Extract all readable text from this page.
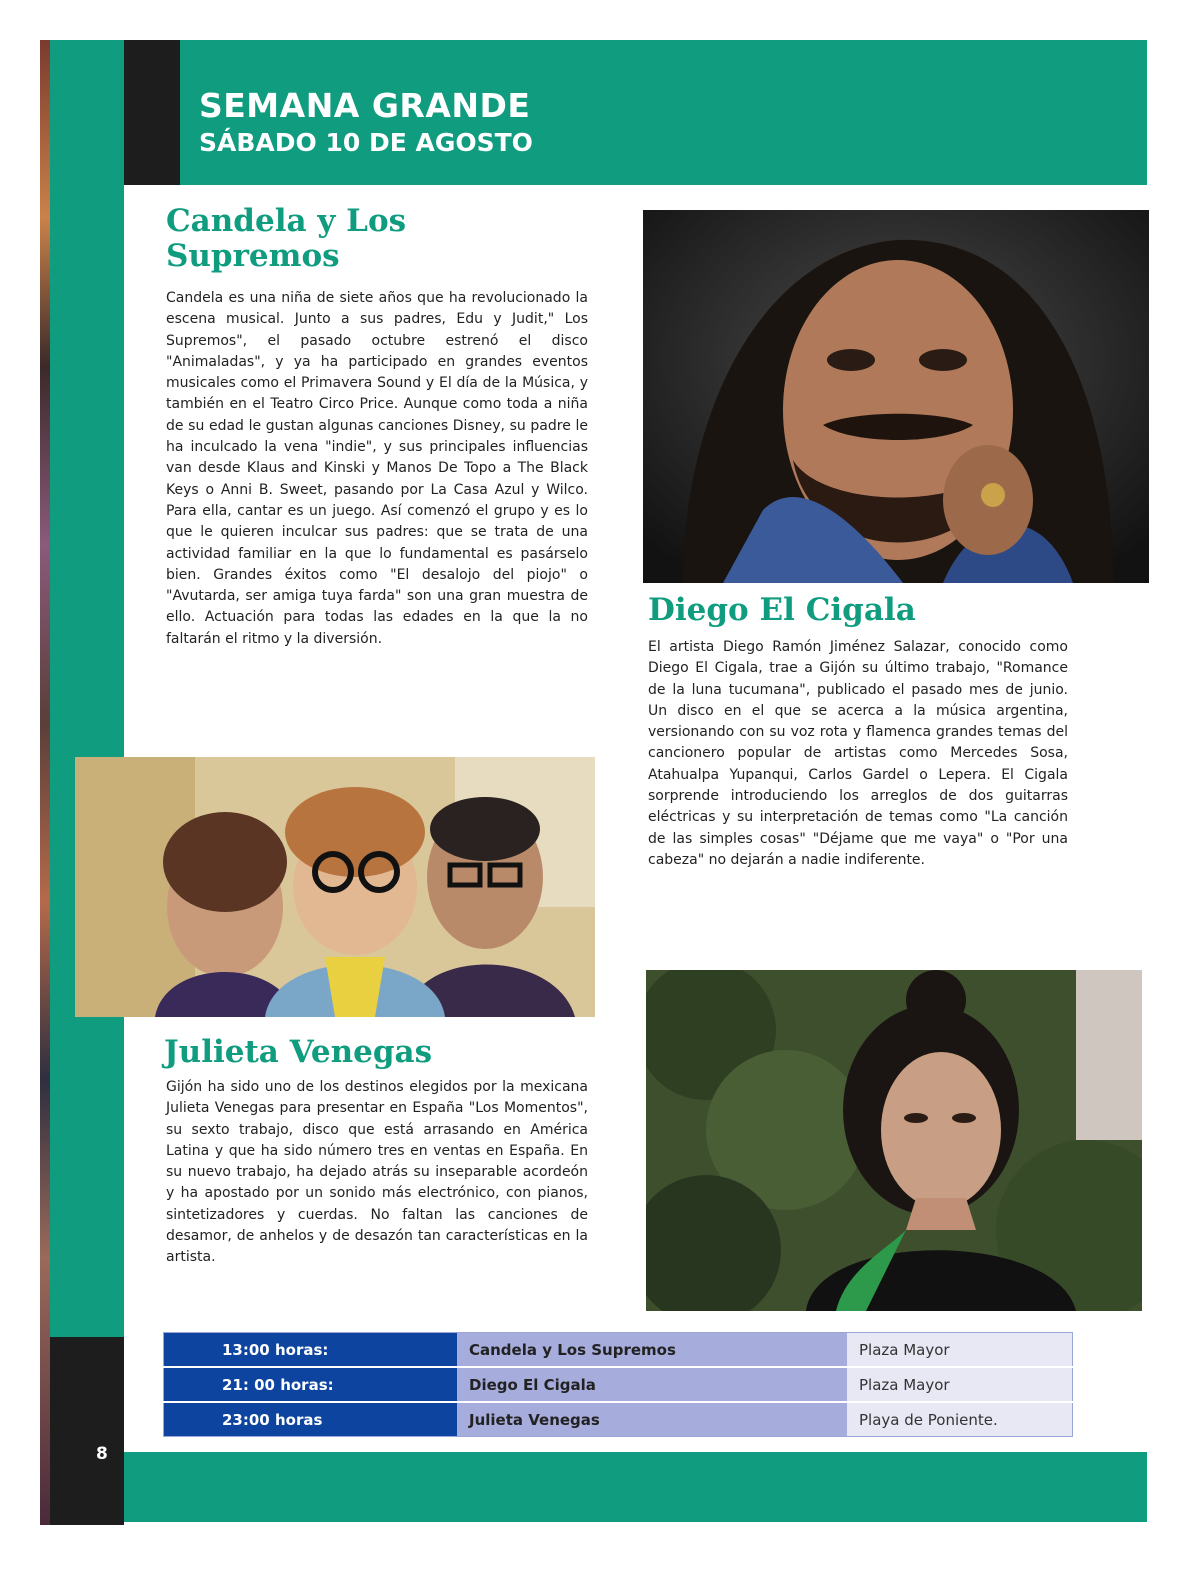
SEMANA GRANDE
SÁBADO 10 DE AGOSTO
Candela y Los
Supremos

Candela es una niña de siete años que ha revolucionado la escena musical. Junto a sus padres, Edu y Judit," Los Supremos", el pasado octubre estrenó el disco "Animaladas", y ya ha participado en grandes eventos musicales como el Primavera Sound y El día de la Música, y también en el Teatro Circo Price. Aunque como toda a niña de su edad le gustan algunas canciones Disney, su padre le ha inculcado la vena "indie", y sus principales influencias van desde Klaus and Kinski y Manos De Topo a The Black Keys o Anni B. Sweet, pasando por La Casa Azul y Wilco. Para ella, cantar es un juego. Así comenzó el grupo y es lo que le quieren inculcar sus padres: que se trata de una actividad familiar en la que lo fundamental es pasárselo bien. Grandes éxitos como "El desalojo del piojo" o "Avutarda, ser amiga tuya farda" son una gran muestra de ello. Actuación para todas las edades en la que la no faltarán el ritmo y la diversión.

Diego El Cigala

El artista Diego Ramón Jiménez Salazar, conocido como Diego El Cigala, trae a Gijón su último trabajo, "Romance de la luna tucumana", publicado el pasado mes de junio. Un disco en el que se acerca a la música argentina, versionando con su voz rota y flamenca grandes temas del cancionero popular de artistas como Mercedes Sosa, Atahualpa Yupanqui, Carlos Gardel o Lepera. El Cigala sorprende introduciendo los arreglos de dos guitarras eléctricas y su interpretación de temas como "La canción de las simples cosas" "Déjame que me vaya" o "Por una cabeza" no dejarán a nadie indiferente.

Julieta Venegas

Gijón ha sido uno de los destinos elegidos por la mexicana Julieta Venegas para presentar en España "Los Momentos", su sexto trabajo, disco que está arrasando en América Latina y que ha sido número tres en ventas en España. En su nuevo trabajo, ha dejado atrás su inseparable acordeón y ha apostado por un sonido más electrónico, con pianos, sintetizadores y cuerdas. No faltan las canciones de desamor, de anhelos y de desazón tan características en la artista.

13:00 horas:	Candela y Los Supremos	Plaza Mayor
21: 00 horas:	Diego El Cigala	Plaza Mayor
23:00 horas	Julieta Venegas	Playa de Poniente.
8
